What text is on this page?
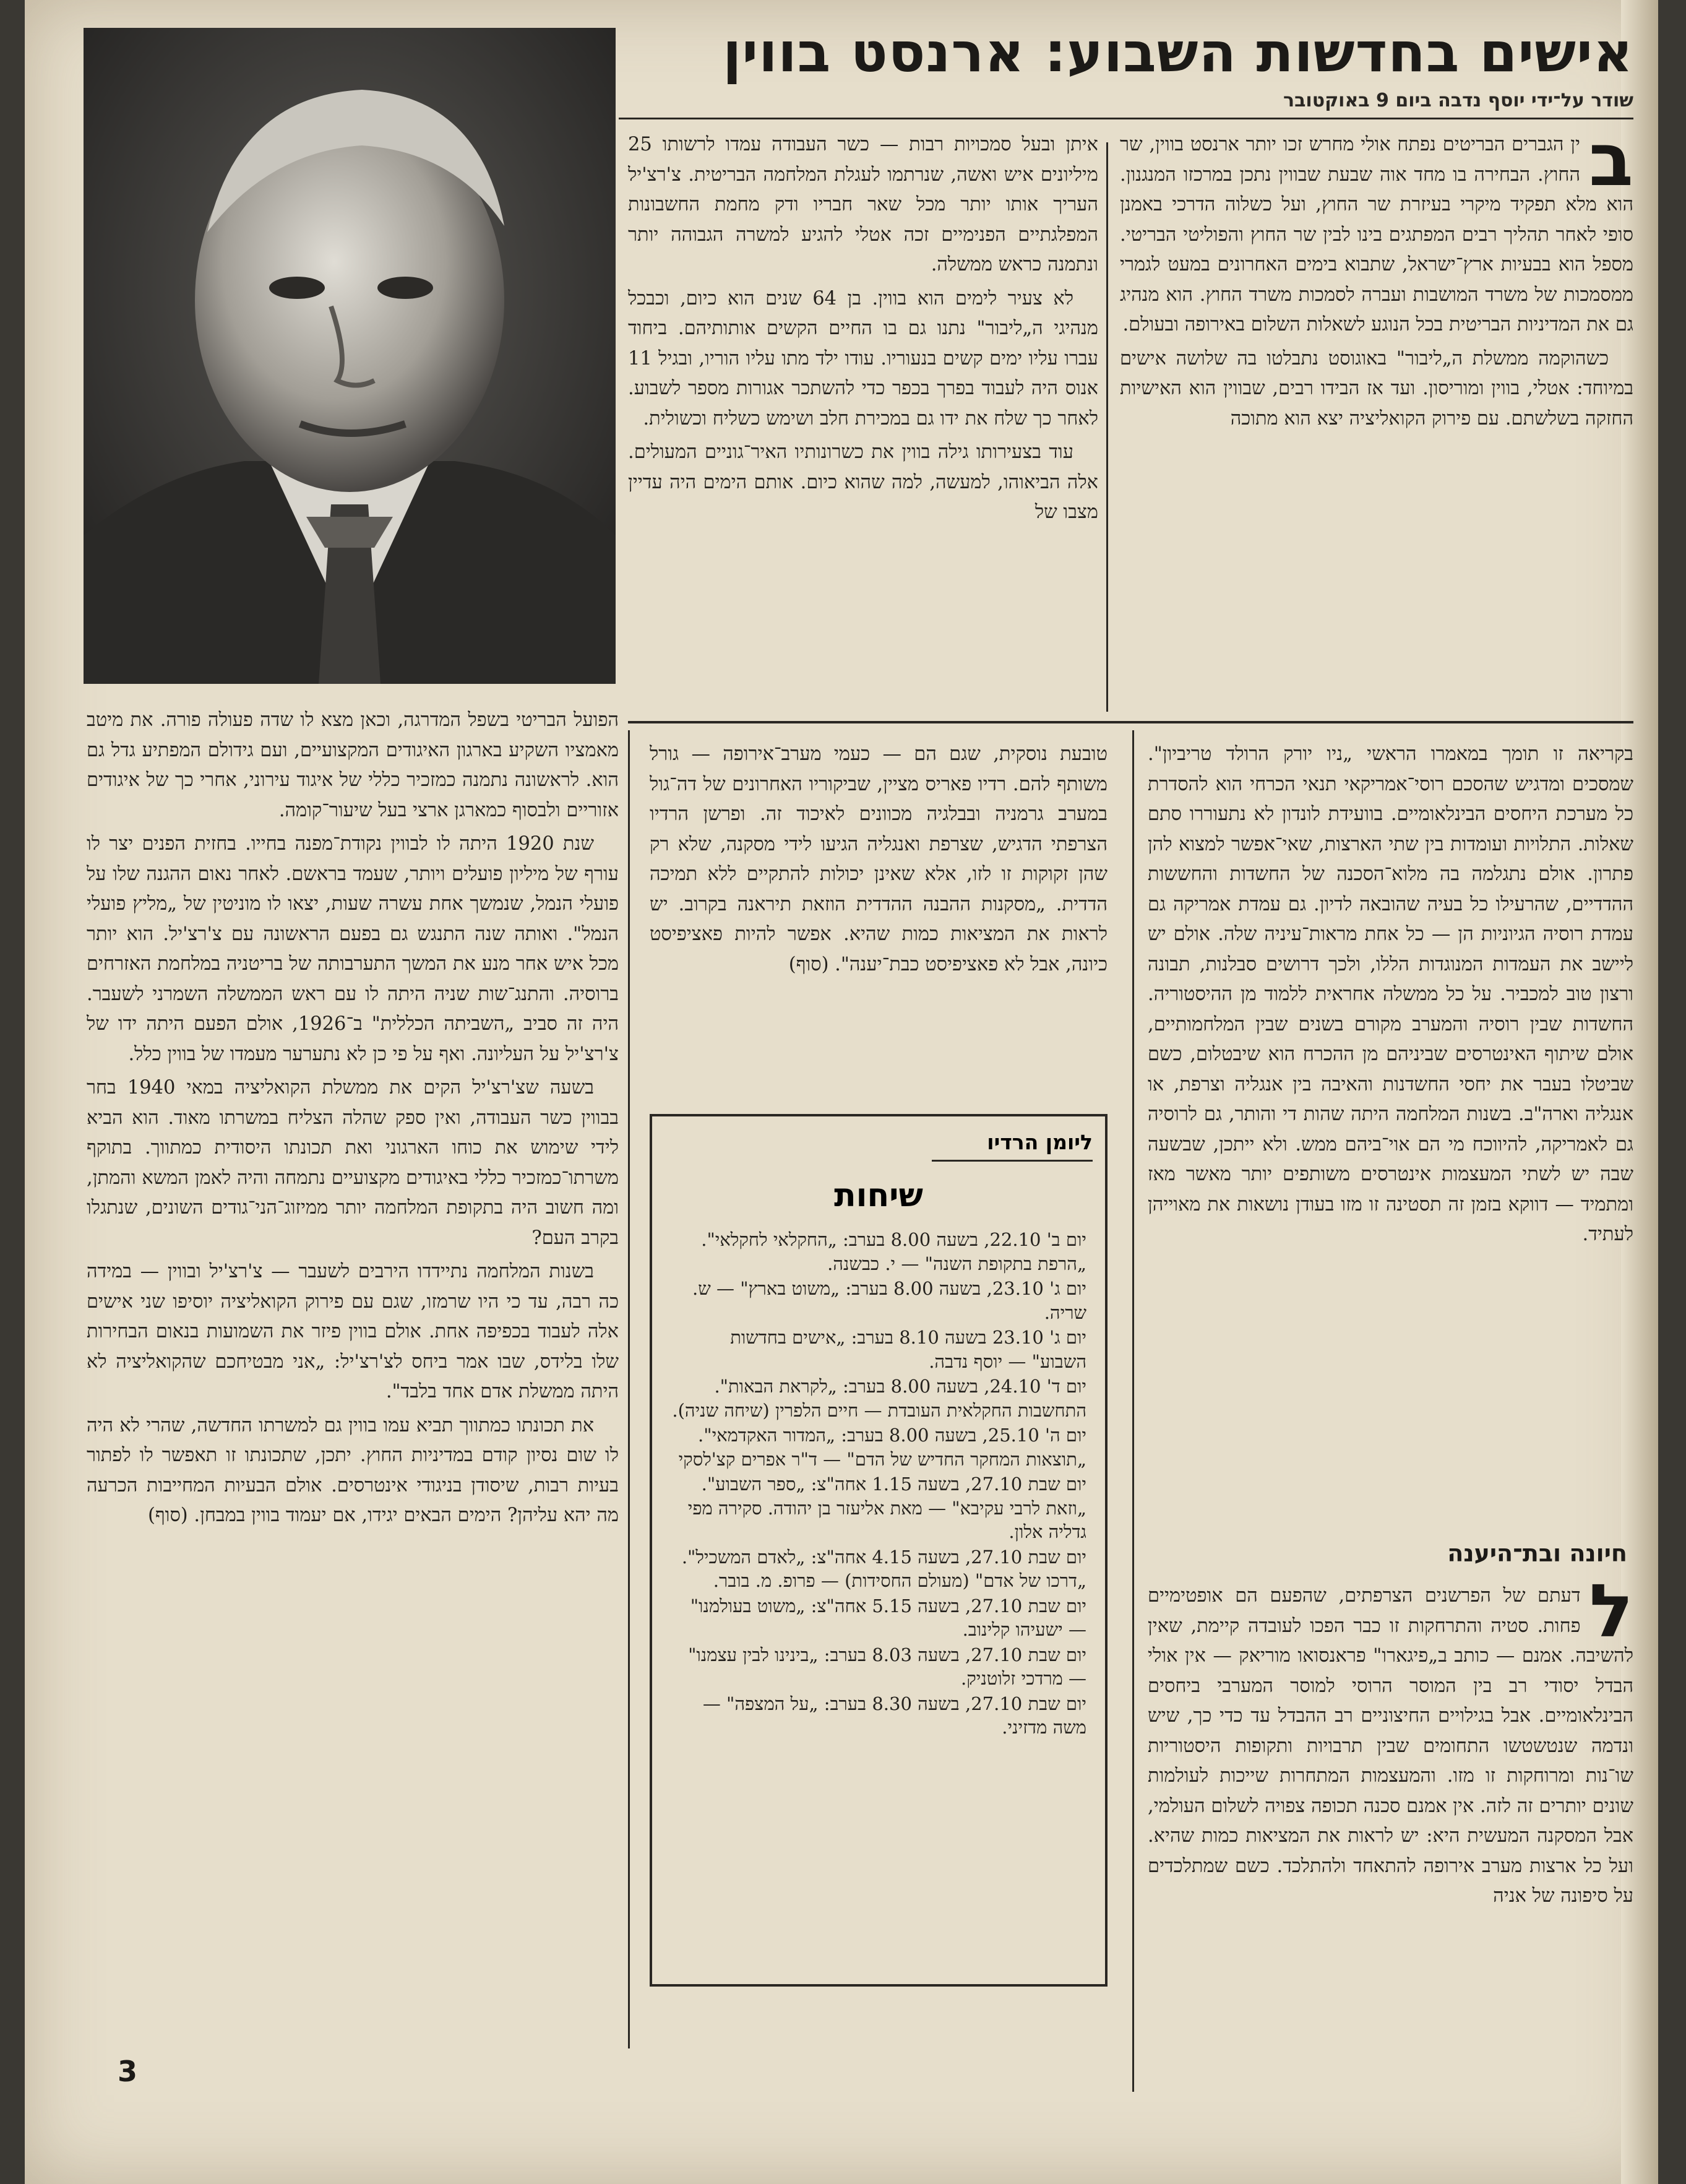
אישים בחדשות השבוע: ארנסט בווין
שודר על־ידי יוסף נדבה ביום 9 באוקטובר
ב

ין הגברים הבריטים נפתח אולי מחרש זכו יותר ארנסט בווין, שר החוץ. הבחירה בו מחד אוה שבעת שבווין נתכן במרכזו המנגנון. הוא מלא תפקיד מיקרי בעיזרת שר החוץ, ועל כשלוה הדרכי באמנן סופי לאחר תהליך רבים המפתגים בינו לבין שר החוץ והפוליטי הבריטי. מספל הוא בבעיות ארץ־ישראל, שתבוא בימים האחרונים במעט לגמרי ממסמכות של משרד המושבות ועברה לסמכות משרד החוץ. הוא מנהיג גם את המדיניות הבריטית בכל הנוגע לשאלות השלום באירופה ובעולם.

כשהוקמה ממשלת ה„ליבור" באוגוסט נתבלטו בה שלושה אישים במיוחד: אטלי, בווין ומוריסון. ועד אז הבידו רבים, שבווין הוא האישיות החזקה בשלשתם. עם פירוק הקואליציה יצא הוא מתוכה

איתן ובעל סמכויות רבות — כשר העבודה עמדו לרשותו 25 מיליונים איש ואשה, שנרתמו לעגלת המלחמה הבריטית. צ'רצ'יל העריך אותו יותר מכל שאר חבריו ודק מחמת החשבונות המפלגתיים הפנימיים זכה אטלי להגיע למשרה הגבוהה יותר ונתמנה כראש ממשלה.

לא צעיר לימים הוא בווין. בן 64 שנים הוא כיום, וכבכל מנהיגי ה„ליבור" נתנו גם בו החיים הקשים אותותיהם. ביחוד עברו עליו ימים קשים בנעוריו. עודו ילד מתו עליו הוריו, ובגיל 11 אנוס היה לעבוד בפרך בכפר כדי להשתכר אגורות מספר לשבוע. לאחר כך שלח את ידו גם במכירת חלב ושימש כשליח וכשולית.

עוד בצעירותו גילה בווין את כשרונותיו האיר־גוניים המעולים. אלה הביאוהו, למעשה, למה שהוא כיום. אותם הימים היה עדיין מצבו של

הפועל הבריטי בשפל המדרגה, וכאן מצא לו שדה פעולה פורה. את מיטב מאמציו השקיע בארגון האיגודים המקצועיים, ועם גידולם המפתיע גדל גם הוא. לראשונה נתמנה כמזכיר כללי של איגוד עירוני, אחרי כך של איגודים אזוריים ולבסוף כמארגן ארצי בעל שיעור־קומה.

שנת 1920 היתה לו לבווין נקודת־מפנה בחייו. בחזית הפנים יצר לו עורף של מיליון פועלים ויותר, שעמד בראשם. לאחר נאום ההגנה שלו על פועלי הנמל, שנמשך אחת עשרה שעות, יצאו לו מוניטין של „מליץ פועלי הנמל". ואותה שנה התנגש גם בפעם הראשונה עם צ'רצ'יל. הוא יותר מכל איש אחר מנע את המשך התערבותה של בריטניה במלחמת האזרחים ברוסיה. והתנג־שות שניה היתה לו עם ראש הממשלה השמרני לשעבר. היה זה סביב „השביתה הכללית" ב־1926, אולם הפעם היתה ידו של צ'רצ'יל על העליונה. ואף על פי כן לא נתערער מעמדו של בווין כלל.

בשעה שצ'רצ'יל הקים את ממשלת הקואליציה במאי 1940 בחר בבווין כשר העבודה, ואין ספק שהלה הצליח במשרתו מאוד. הוא הביא לידי שימוש את כוחו הארגוני ואת תכונתו היסודית כמתווך. בתוקף משרתו־כמזכיר כללי באיגודים מקצועיים נתמחה והיה לאמן המשא והמתן, ומה חשוב היה בתקופת המלחמה יותר ממיזוג־הני־גודים השונים, שנתגלו בקרב העם?

בשנות המלחמה נתיידדו הירבים לשעבר — צ'רצ'יל ובווין — במידה כה רבה, עד כי היו שרמזו, שגם עם פירוק הקואליציה יוסיפו שני אישים אלה לעבוד בכפיפה אחת. אולם בווין פיזר את השמועות בנאום הבחירות שלו בלידס, שבו אמר ביחס לצ'רצ'יל: „אני מבטיחכם שהקואליציה לא היתה ממשלת אדם אחד בלבד".

את תכונתו כמתווך תביא עמו בווין גם למשרתו החדשה, שהרי לא היה לו שום נסיון קודם במדיניות החוץ. יתכן, שתכונתו זו תאפשר לו לפתור בעיות רבות, שיסודן בניגודי אינטרסים. אולם הבעיות המחייבות הכרעה מה יהא עליהן? הימים הבאים יגידו, אם יעמוד בווין במבחן. (סוף)

טובעת נוסקית, שגם הם — כעמי מערב־אירופה — גורל משותף להם. רדיו פאריס מציין, שביקוריו האחרונים של דה־גול במערב גרמניה ובבלגיה מכוונים לאיכוד זה. ופרשן הרדיו הצרפתי הדגיש, שצרפת ואנגליה הגיעו לידי מסקנה, שלא רק שהן זקוקות זו לזו, אלא שאינן יכולות להתקיים ללא תמיכה הדדית. „מסקנות ההבנה ההדדית הוזאת תיראנה בקרוב. יש לראות את המציאות כמות שהיא. אפשר להיות פאציפיסט כיונה, אבל לא פאציפיסט כבת־יענה". (סוף)

ליומן הרדיו
שיחות
יום ב' 22.10, בשעה 8.00 בערב: „החקלאי לחקלאי". „הרפת בתקופת השנה" — י. כבשנה.
יום ג' 23.10, בשעה 8.00 בערב: „משוט בארץ" — ש. שריה.
יום ג' 23.10 בשעה 8.10 בערב: „אישים בחדשות השבוע" — יוסף נדבה.
יום ד' 24.10, בשעה 8.00 בערב: „לקראת הבאות". התחשבות החקלאית העובדת — חיים הלפרין (שיחה שניה).
יום ה' 25.10, בשעה 8.00 בערב: „המדור האקדמאי". „תוצאות המחקר החדיש של הדם" — ד"ר אפרים קצ'לסקי
יום שבת 27.10, בשעה 1.15 אחה"צ: „ספר השבוע". „וזאת לרבי עקיבא" — מאת אליעזר בן יהודה. סקירה מפי גדליה אלון.
יום שבת 27.10, בשעה 4.15 אחה"צ: „לאדם המשכיל". „דרכו של אדם" (מעולם החסידות) — פרופ. מ. בובר.
יום שבת 27.10, בשעה 5.15 אחה"צ: „משוט בעולמנו" — ישעיהו קלינוב.
יום שבת 27.10, בשעה 8.03 בערב: „בינינו לבין עצמנו" — מרדכי זלוטניק.
יום שבת 27.10, בשעה 8.30 בערב: „על המצפה" — משה מדזיני.

בקריאה זו תומך במאמרו הראשי „ניו יורק הרולד טריביון". שמסכים ומדגיש שהסכם רוסי־אמריקאי תנאי הכרחי הוא להסדרת כל מערכת היחסים הבינלאומיים. בוועידת לונדון לא נתעוררו סתם שאלות. התלויות ועומדות בין שתי הארצות, שאי־אפשר למצוא להן פתרון. אולם נתגלמה בה מלוא־הסכנה של החשדות והחששות ההדדיים, שהרעילו כל בעיה שהובאה לדיון. גם עמדת אמריקה גם עמדת רוסיה הגיוניות הן — כל אחת מראות־עיניה שלה. אולם יש ליישב את העמדות המנוגדות הללו, ולכך דרושים סבלנות, תבונה ורצון טוב למכביר. על כל ממשלה אחראית ללמוד מן ההיסטוריה. החשדות שבין רוסיה והמערב מקורם בשנים שבין המלחמותיים, אולם שיתוף האינטרסים שביניהם מן ההכרח הוא שיבטלום, כשם שביטלו בעבר את יחסי החשדנות והאיבה בין אנגליה וצרפת, או אנגליה וארה"ב. בשנות המלחמה היתה שהות די והותר, גם לרוסיה גם לאמריקה, להיווכח מי הם אוי־ביהם ממש. ולא ייתכן, שבשעה שבה יש לשתי המעצמות אינטרסים משותפים יותר מאשר מאז ומתמיד — דווקא בזמן זה תסטינה זו מזו בעודן נושאות את מאוייהן לעתיד.

חיונה ובת־היענה
ל

דעתם של הפרשנים הצרפתים, שהפעם הם אופטימיים פחות. סטיה והתרחקות זו כבר הפכו לעובדה קיימת, שאין להשיבה. אמנם — כותב ב„פיגארו" פראנסואו מוריאק — אין אולי הבדל יסודי רב בין המוסר הרוסי למוסר המערבי ביחסים הבינלאומיים. אבל בגילויים החיצוניים רב ההבדל עד כדי כך, שיש ונדמה שנטשטשו התחומים שבין תרבויות ותקופות היסטוריות שו־נות ומרוחקות זו מזו. והמעצמות המתחרות שייכות לעולמות שונים יותרים זה לזה. אין אמנם סכנה תכופה צפויה לשלום העולמי, אבל המסקנה המעשית היא: יש לראות את המציאות כמות שהיא. ועל כל ארצות מערב אירופה להתאחד ולהתלכד. כשם שמתלכדים על סיפונה של אניה

3
